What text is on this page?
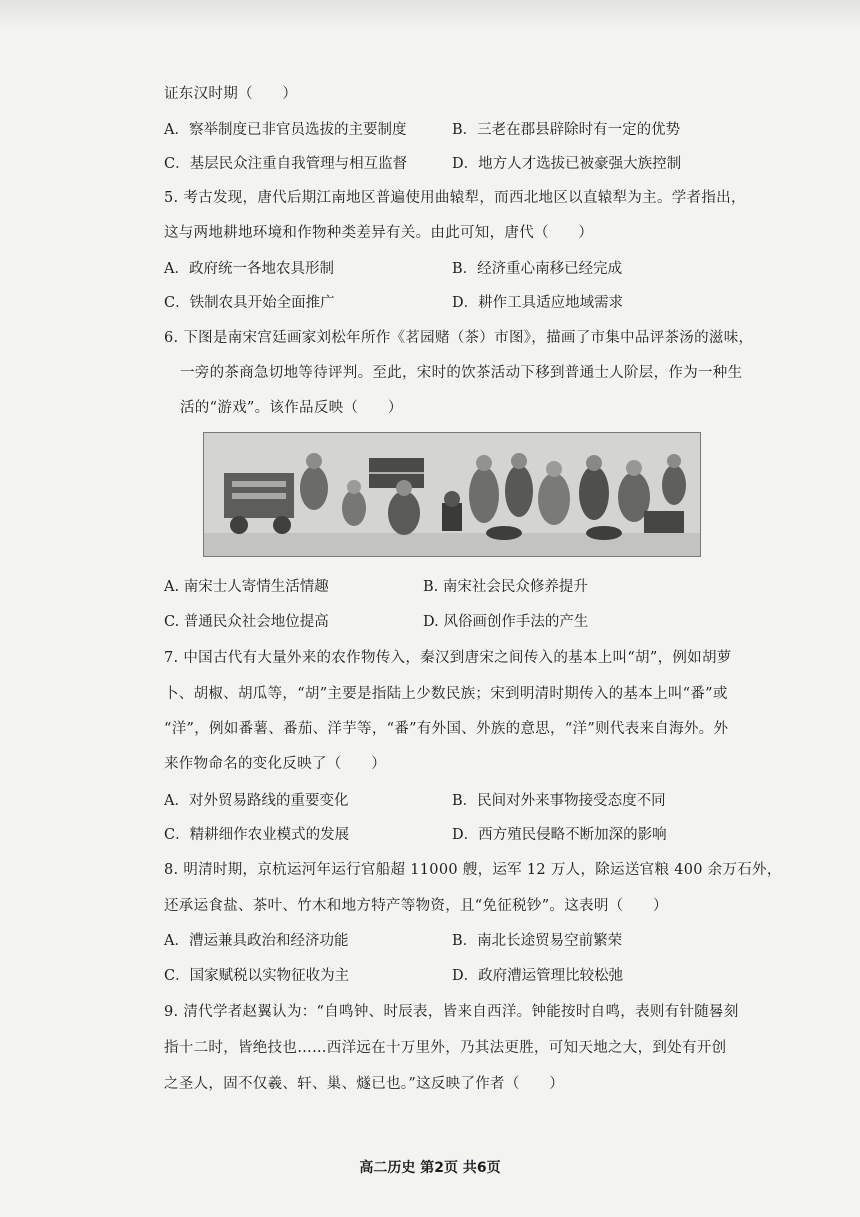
证东汉时期（　　）
A．察举制度已非官员选拔的主要制度	B．三老在郡县辟除时有一定的优势
C．基层民众注重自我管理与相互监督	D．地方人才选拔已被豪强大族控制
5. 考古发现，唐代后期江南地区普遍使用曲辕犁，而西北地区以直辕犁为主。学者指出，
这与两地耕地环境和作物种类差异有关。由此可知，唐代（　　）
A．政府统一各地农具形制	B．经济重心南移已经完成
C．铁制农具开始全面推广	D．耕作工具适应地域需求
6. 下图是南宋宫廷画家刘松年所作《茗园赌（茶）市图》，描画了市集中品评茶汤的滋味，
一旁的茶商急切地等待评判。至此，宋时的饮茶活动下移到普通士人阶层，作为一种生
活的“游戏”。该作品反映（　　）
A. 南宋士人寄情生活情趣	B. 南宋社会民众修养提升
C. 普通民众社会地位提高	D. 风俗画创作手法的产生
7. 中国古代有大量外来的农作物传入，秦汉到唐宋之间传入的基本上叫“胡”，例如胡萝
卜、胡椒、胡瓜等，“胡”主要是指陆上少数民族；宋到明清时期传入的基本上叫“番”或
“洋”，例如番薯、番茄、洋芋等，“番”有外国、外族的意思，“洋”则代表来自海外。外
来作物命名的变化反映了（　　）
A．对外贸易路线的重要变化	B．民间对外来事物接受态度不同
C．精耕细作农业模式的发展	D．西方殖民侵略不断加深的影响
8. 明清时期，京杭运河年运行官船超 11000 艘，运军 12 万人，除运送官粮 400 余万石外，
还承运食盐、茶叶、竹木和地方特产等物资，且“免征税钞”。这表明（　　）
A．漕运兼具政治和经济功能	B．南北长途贸易空前繁荣
C．国家赋税以实物征收为主	D．政府漕运管理比较松弛
9. 清代学者赵翼认为：“自鸣钟、时辰表，皆来自西洋。钟能按时自鸣，表则有针随晷刻
指十二时，皆绝技也……西洋远在十万里外，乃其法更胜，可知天地之大，到处有开创
之圣人，固不仅羲、轩、巢、燧已也。”这反映了作者（　　）
高二历史 第2页 共6页
